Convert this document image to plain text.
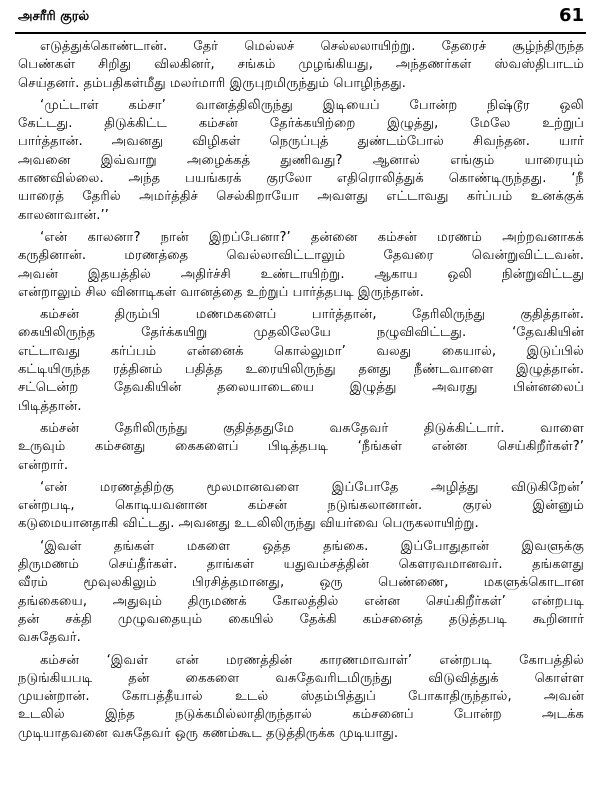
அசரீரி குரல்	61

எடுத்துக்கொண்டான். தேர் மெல்லச் செல்லலாயிற்று. தேரைச் சூழ்ந்திருந்த
பெண்கள் சிறிது விலகினர், சங்கம் முழங்கியது, அந்தணர்கள் ஸ்வஸ்திபாடம்
செய்தனர். தம்பதிகள்மீது மலர்மாரி இருபுறமிருந்தும் பொழிந்தது.

‘முட்டாள் கம்சா’ வானத்திலிருந்து இடியைப் போன்ற நிஷ்டூர ஒலி
கேட்டது. திடுக்கிட்ட கம்சன் தேர்க்கயிற்றை இழுத்து, மேலே உற்றுப்
பார்த்தான். அவனது விழிகள் நெருப்புத் துண்டம்போல் சிவந்தன. யார்
அவனை இவ்வாறு அழைக்கத் துணிவது? ஆனால் எங்கும் யாரையும்
காணவில்லை. அந்த பயங்கரக் குரலோ எதிரொலித்துக் கொண்டிருந்தது. ‘நீ
யாரைத் தேரில் அமர்த்திச் செல்கிறாயோ அவளது எட்டாவது கர்ப்பம் உனக்குக்
காலனாவான்.’’

‘என் காலனா? நான் இறப்பேனா?’ தன்னை கம்சன் மரணம் அற்றவனாகக்
கருதினான். மரணத்தை வெல்லாவிட்டாலும் தேவரை வென்றுவிட்டவன்.
அவன் இதயத்தில் அதிர்ச்சி உண்டாயிற்று. ஆகாய ஒலி நின்றுவிட்டது
என்றாலும் சில வினாடிகள் வானத்தை உற்றுப் பார்த்தபடி இருந்தான்.

கம்சன் திரும்பி மணமகளைப் பார்த்தான், தேரிலிருந்து குதித்தான்.
கையிலிருந்த தேர்க்கயிறு முதலிலேயே நழுவிவிட்டது. ‘தேவகியின்
எட்டாவது கர்ப்பம் என்னைக் கொல்லுமா’ வலது கையால், இடுப்பில்
கட்டியிருந்த ரத்தினம் பதித்த உரையிலிருந்து தனது நீண்டவாளை இழுத்தான்.
சட்டென்ற தேவகியின் தலையாடையை இழுத்து அவரது பின்னலைப்
பிடித்தான்.

கம்சன் தேரிலிருந்து குதித்ததுமே வசுதேவர் திடுக்கிட்டார். வாளை
உருவும் கம்சனது கைகளைப் பிடித்தபடி ‘நீங்கள் என்ன செய்கிறீர்கள்?’
என்றார்.

‘என் மரணத்திற்கு மூலமானவளை இப்போதே அழித்து விடுகிறேன்’
என்றபடி, கொடியவனான கம்சன் நடுங்கலானான். குரல் இன்னும்
கடுமையானதாகி விட்டது. அவனது உடலிலிருந்து வியர்வை பெருகலாயிற்று.

‘இவள் தங்கள் மகளை ஒத்த தங்கை. இப்போதுதான் இவளுக்கு
திருமணம் செய்தீர்கள். தாங்கள் யதுவம்சத்தின் கௌரவமானவர். தங்களது
வீரம் மூவுலகிலும் பிரசித்தமானது, ஒரு பெண்ணை, மகளுக்கொடான
தங்கையை, அதுவும் திருமணக் கோலத்தில் என்ன செய்கிறீர்கள்’ என்றபடி
தன் சக்தி முழுவதையும் கையில் தேக்கி கம்சனைத் தடுத்தபடி கூறினார்
வசுதேவர்.

கம்சன் ‘இவள் என் மரணத்தின் காரணமாவாள்’ என்றபடி கோபத்தில்
நடுங்கியபடி தன் கைகளை வசுதேவரிடமிருந்து விடுவித்துக் கொள்ள
முயன்றான். கோபத்தீயால் உடல் ஸ்தம்பித்துப் போகாதிருந்தால், அவன்
உடலில் இந்த நடுக்கமில்லாதிருந்தால் கம்சனைப் போன்ற அடக்க
முடியாதவனை வசுதேவர் ஒரு கணம்கூட தடுத்திருக்க முடியாது.
